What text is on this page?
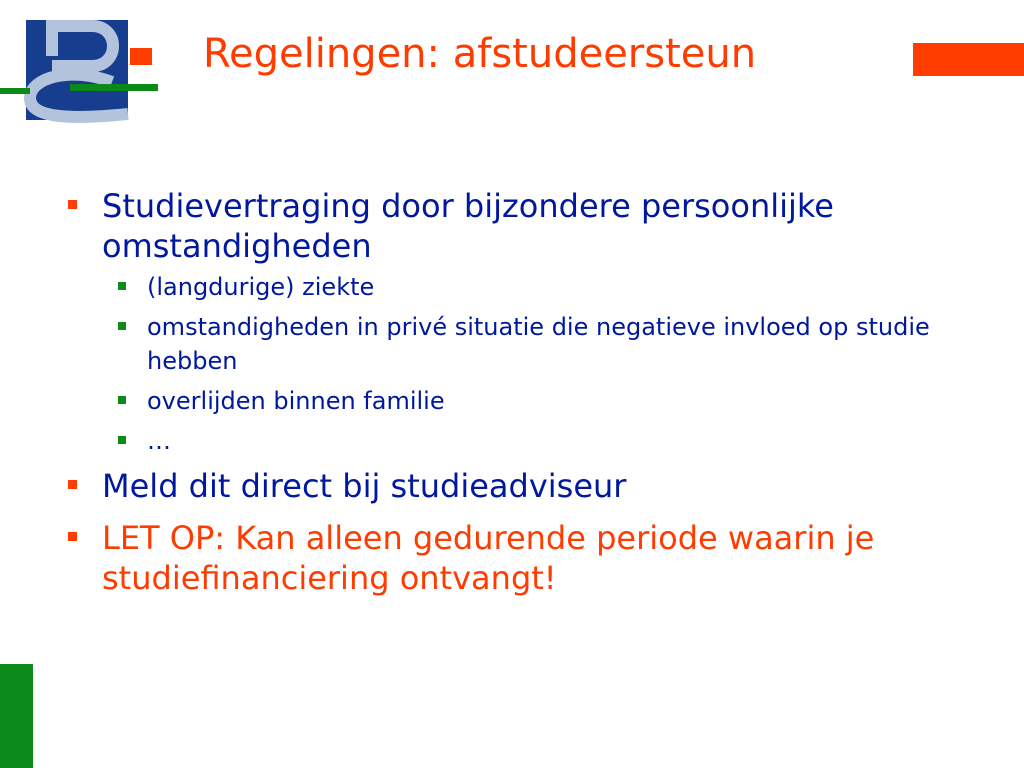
Regelingen: afstudeersteun
Studievertraging door bijzondere persoonlijke omstandigheden
(langdurige) ziekte
omstandigheden in privé situatie die negatieve invloed op studie hebben
overlijden binnen familie
…
Meld dit direct bij studieadviseur
LET OP: Kan alleen gedurende periode waarin je studiefinanciering ontvangt!
